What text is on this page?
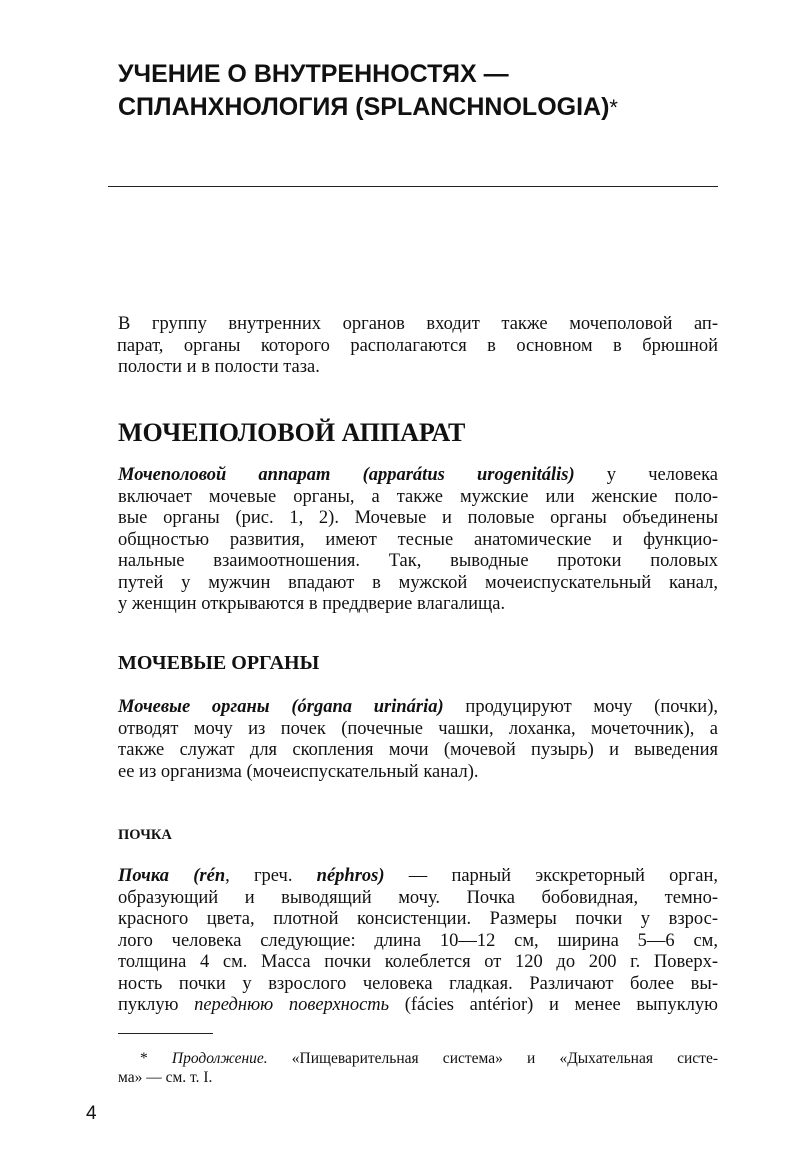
УЧЕНИЕ О ВНУТРЕННОСТЯХ —
СПЛАНХНОЛОГИЯ (SPLANCHNOLOGIA)*

В группу внутренних органов входит также мочеполовой ап-
парат, органы которого располагаются в основном в брюшной
полости и в полости таза.

МОЧЕПОЛОВОЙ АППАРАТ

Мочеполовой аппарат (apparátus urogenitális) у человека
включает мочевые органы, а также мужские или женские поло-
вые органы (рис. 1, 2). Мочевые и половые органы объединены
общностью развития, имеют тесные анатомические и функцио-
нальные взаимоотношения. Так, выводные протоки половых
путей у мужчин впадают в мужской мочеиспускательный канал,
у женщин открываются в преддверие влагалища.

МОЧЕВЫЕ ОРГАНЫ

Мочевые органы (órgana urinária) продуцируют мочу (почки),
отводят мочу из почек (почечные чашки, лоханка, мочеточник), а
также служат для скопления мочи (мочевой пузырь) и выведения
ее из организма (мочеиспускательный канал).

ПОЧКА

Почка (rén, греч. néphros) — парный экскреторный орган,
образующий и выводящий мочу. Почка бобовидная, темно-
красного цвета, плотной консистенции. Размеры почки у взрос-
лого человека следующие: длина 10—12 см, ширина 5—6 см,
толщина 4 см. Масса почки колеблется от 120 до 200 г. Поверх-
ность почки у взрослого человека гладкая. Различают более вы-
пуклую переднюю поверхность (fácies antérior) и менее выпуклую

* Продолжение. «Пищеварительная система» и «Дыхательная систе-
ма» — см. т. I.

4
